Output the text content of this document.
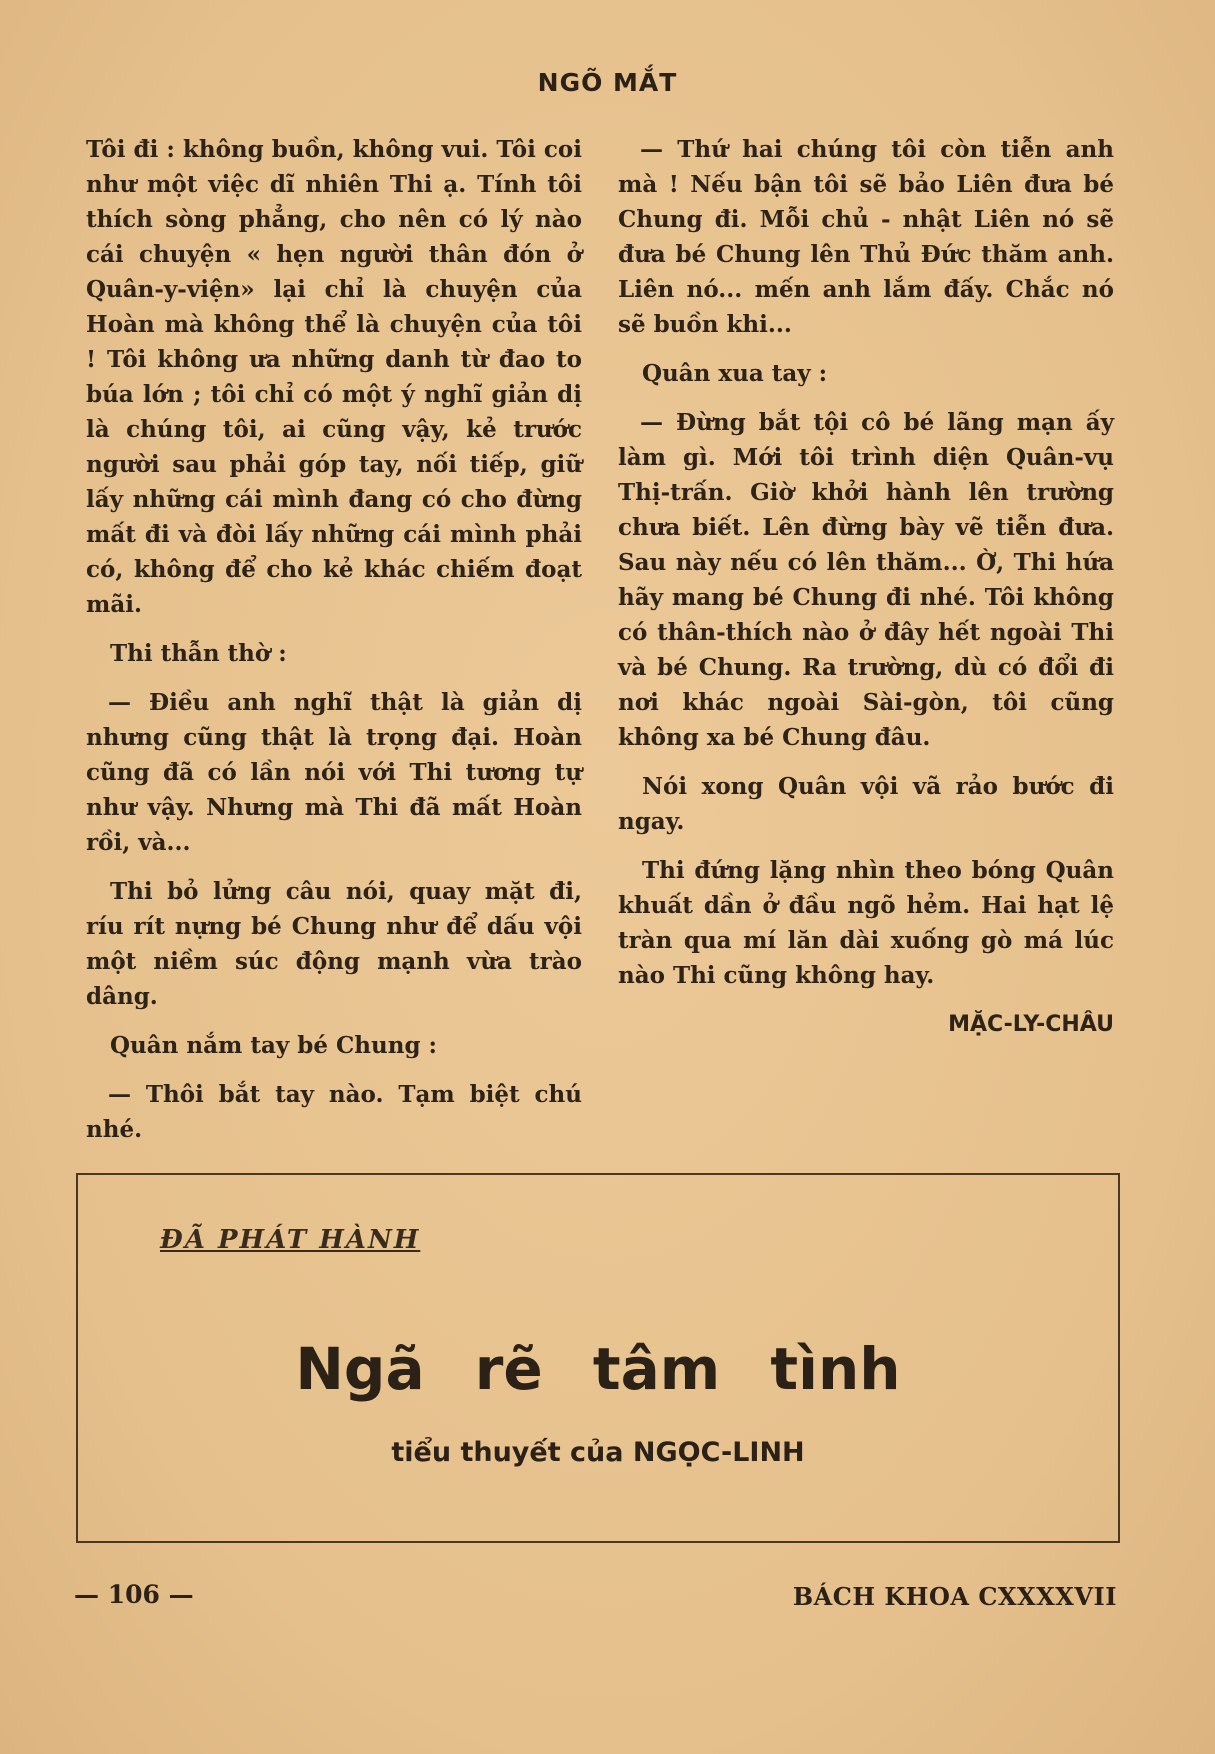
NGÕ MẮT

Tôi đi : không buồn, không vui. Tôi coi như một việc dĩ nhiên Thi ạ. Tính tôi thích sòng phẳng, cho nên có lý nào cái chuyện « hẹn người thân đón ở Quân-y-viện» lại chỉ là chuyện của Hoàn mà không thể là chuyện của tôi ! Tôi không ưa những danh từ đao to búa lớn ; tôi chỉ có một ý nghĩ giản dị là chúng tôi, ai cũng vậy, kẻ trước người sau phải góp tay, nối tiếp, giữ lấy những cái mình đang có cho đừng mất đi và đòi lấy những cái mình phải có, không để cho kẻ khác chiếm đoạt mãi.

Thi thẫn thờ :

— Điều anh nghĩ thật là giản dị nhưng cũng thật là trọng đại. Hoàn cũng đã có lần nói với Thi tương tự như vậy. Nhưng mà Thi đã mất Hoàn rồi, và...

Thi bỏ lửng câu nói, quay mặt đi, ríu rít nựng bé Chung như để dấu vội một niềm súc động mạnh vừa trào dâng.

Quân nắm tay bé Chung :

— Thôi bắt tay nào. Tạm biệt chú nhé.

— Thứ hai chúng tôi còn tiễn anh mà ! Nếu bận tôi sẽ bảo Liên đưa bé Chung đi. Mỗi chủ - nhật Liên nó sẽ đưa bé Chung lên Thủ Đức thăm anh. Liên nó... mến anh lắm đấy. Chắc nó sẽ buồn khi...

Quân xua tay :

— Đừng bắt tội cô bé lãng mạn ấy làm gì. Mới tôi trình diện Quân-vụ Thị-trấn. Giờ khởi hành lên trường chưa biết. Lên đừng bày vẽ tiễn đưa. Sau này nếu có lên thăm... Ờ, Thi hứa hãy mang bé Chung đi nhé. Tôi không có thân-thích nào ở đây hết ngoài Thi và bé Chung. Ra trường, dù có đổi đi nơi khác ngoài Sài-gòn, tôi cũng không xa bé Chung đâu.

Nói xong Quân vội vã rảo bước đi ngay.

Thi đứng lặng nhìn theo bóng Quân khuất dần ở đầu ngõ hẻm. Hai hạt lệ tràn qua mí lăn dài xuống gò má lúc nào Thi cũng không hay.

MẶC-LY-CHÂU
ĐÃ PHÁT HÀNH
Ngã rẽ tâm tình
tiểu thuyết của NGỌC-LINH
— 106 —	BÁCH KHOA CXXXXVII
